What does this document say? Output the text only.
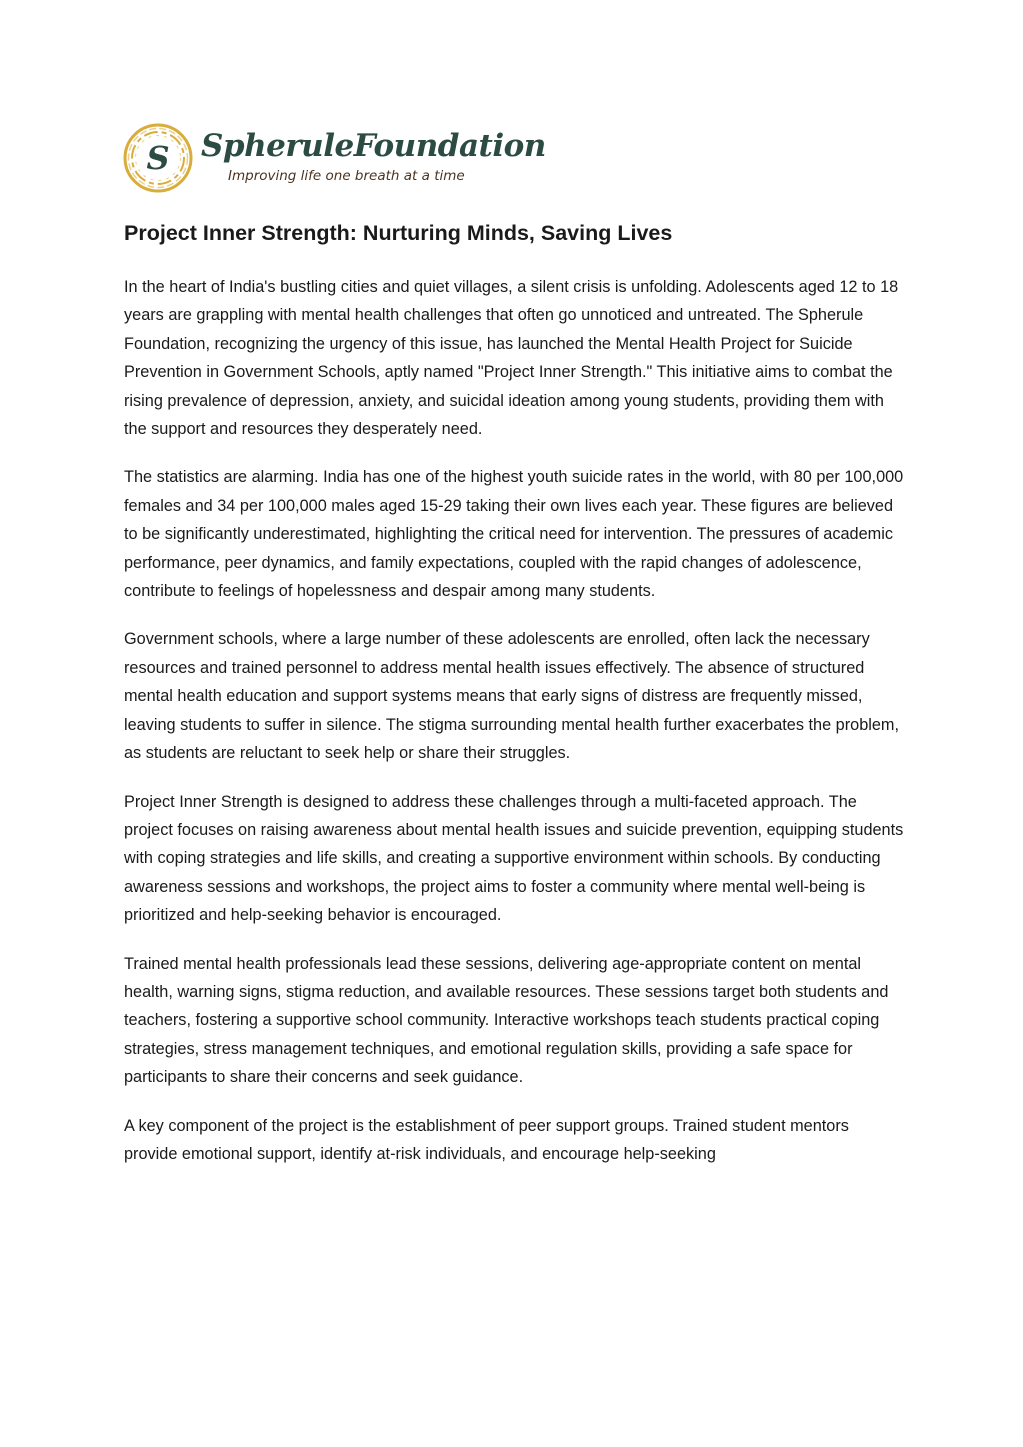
S SpheruleFoundation
Improving life one breath at a time
Project Inner Strength: Nurturing Minds, Saving Lives

In the heart of India's bustling cities and quiet villages, a silent crisis is unfolding. Adolescents aged 12 to 18 years are grappling with mental health challenges that often go unnoticed and untreated. The Spherule Foundation, recognizing the urgency of this issue, has launched the Mental Health Project for Suicide Prevention in Government Schools, aptly named "Project Inner Strength." This initiative aims to combat the rising prevalence of depression, anxiety, and suicidal ideation among young students, providing them with the support and resources they desperately need.

The statistics are alarming. India has one of the highest youth suicide rates in the world, with 80 per 100,000 females and 34 per 100,000 males aged 15-29 taking their own lives each year. These figures are believed to be significantly underestimated, highlighting the critical need for intervention. The pressures of academic performance, peer dynamics, and family expectations, coupled with the rapid changes of adolescence, contribute to feelings of hopelessness and despair among many students.

Government schools, where a large number of these adolescents are enrolled, often lack the necessary resources and trained personnel to address mental health issues effectively. The absence of structured mental health education and support systems means that early signs of distress are frequently missed, leaving students to suffer in silence. The stigma surrounding mental health further exacerbates the problem, as students are reluctant to seek help or share their struggles.

Project Inner Strength is designed to address these challenges through a multi-faceted approach. The project focuses on raising awareness about mental health issues and suicide prevention, equipping students with coping strategies and life skills, and creating a supportive environment within schools. By conducting awareness sessions and workshops, the project aims to foster a community where mental well-being is prioritized and help-seeking behavior is encouraged.

Trained mental health professionals lead these sessions, delivering age-appropriate content on mental health, warning signs, stigma reduction, and available resources. These sessions target both students and teachers, fostering a supportive school community. Interactive workshops teach students practical coping strategies, stress management techniques, and emotional regulation skills, providing a safe space for participants to share their concerns and seek guidance.

A key component of the project is the establishment of peer support groups. Trained student mentors provide emotional support, identify at-risk individuals, and encourage help-seeking
